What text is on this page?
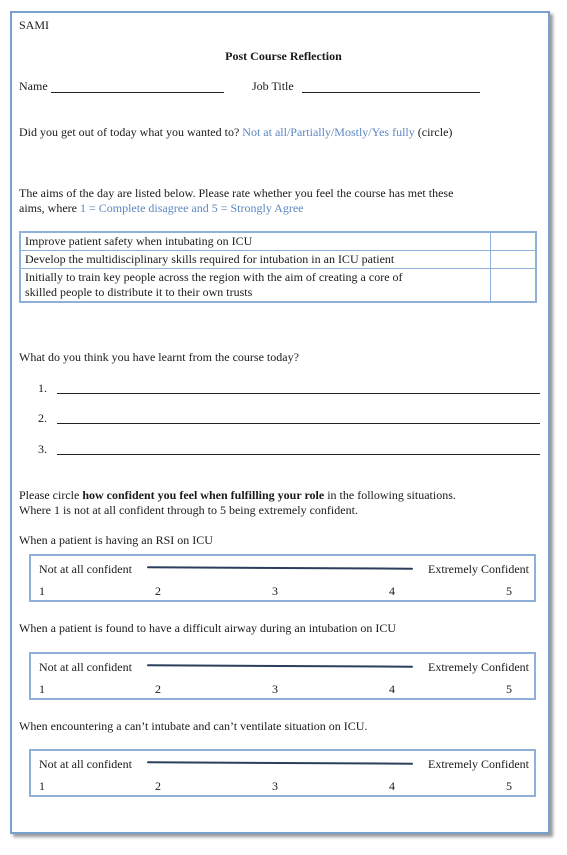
SAMI
Post Course Reflection
Name	Job Title
Did you get out of today what you wanted to? Not at all/Partially/Mostly/Yes fully (circle)
The aims of the day are listed below. Please rate whether you feel the course has met these
aims, where 1 = Complete disagree and 5 = Strongly Agree
Improve patient safety when intubating on ICU	
Develop the multidisciplinary skills required for intubation in an ICU patient	

Initially to train key people across the region with the aim of creating a core of
skilled people to distribute it to their own trusts	

What do you think you have learnt from the course today?
1.
2.
3.
Please circle how confident you feel when fulfilling your role in the following situations.
Where 1 is not at all confident through to 5 being extremely confident.
When a patient is having an RSI on ICU
Not at all confident	Extremely Confident
1	2	3	4	5
When a patient is found to have a difficult airway during an intubation on ICU
Not at all confident	Extremely Confident
1	2	3	4	5
When encountering a can’t intubate and can’t ventilate situation on ICU.
Not at all confident	Extremely Confident
1	2	3	4	5
